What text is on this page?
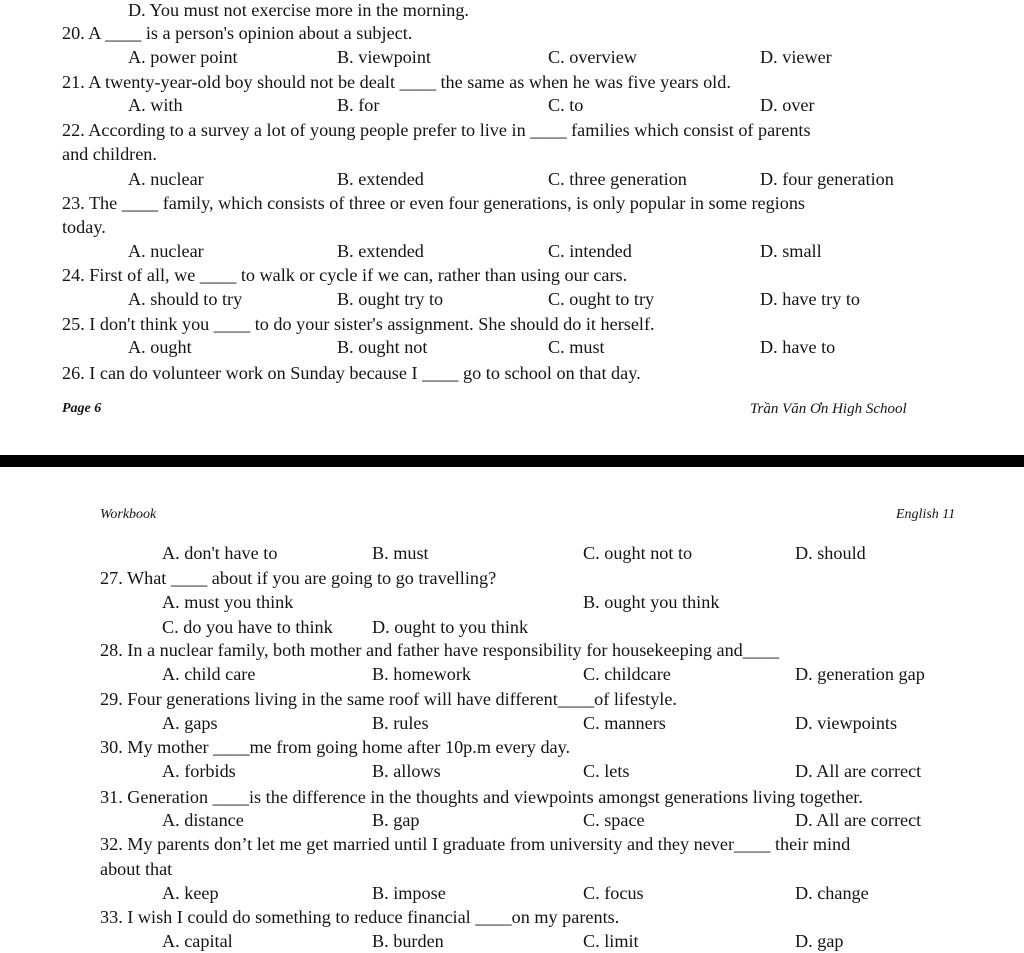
D. You must not exercise more in the morning.
20. A ____ is a person's opinion about a subject.
A. power point	B. viewpoint	C. overview	D. viewer
21. A twenty-year-old boy should not be dealt ____ the same as when he was five years old.
A. with	B. for	C. to	D. over
22. According to a survey a lot of young people prefer to live in ____ families which consist of parents
and children.
A. nuclear	B. extended	C. three generation	D. four generation
23. The ____ family, which consists of three or even four generations, is only popular in some regions
today.
A. nuclear	B. extended	C. intended	D. small
24. First of all, we ____ to walk or cycle if we can, rather than using our cars.
A. should to try	B. ought try to	C. ought to try	D. have try to
25. I don't think you ____ to do your sister's assignment. She should do it herself.
A. ought	B. ought not	C. must	D. have to
26. I can do volunteer work on Sunday because I ____ go to school on that day.
Page 6	Trần Văn Ơn High School
Workbook	English 11
A. don't have to	B. must	C. ought not to	D. should
27. What ____ about if you are going to go travelling?
A. must you think	B. ought you think
C. do you have to think D. ought to you think
28. In a nuclear family, both mother and father have responsibility for housekeeping and____
A. child care	B. homework	C. childcare	D. generation gap
29. Four generations living in the same roof will have different____of lifestyle.
A. gaps	B. rules	C. manners	D. viewpoints
30. My mother ____me from going home after 10p.m every day.
A. forbids	B. allows	C. lets	D. All are correct
31. Generation ____is the difference in the thoughts and viewpoints amongst generations living together.
A. distance	B. gap	C. space	D. All are correct
32. My parents don’t let me get married until I graduate from university and they never____ their mind
about that
A. keep	B. impose	C. focus	D. change
33. I wish I could do something to reduce financial ____on my parents.
A. capital	B. burden	C. limit	D. gap
